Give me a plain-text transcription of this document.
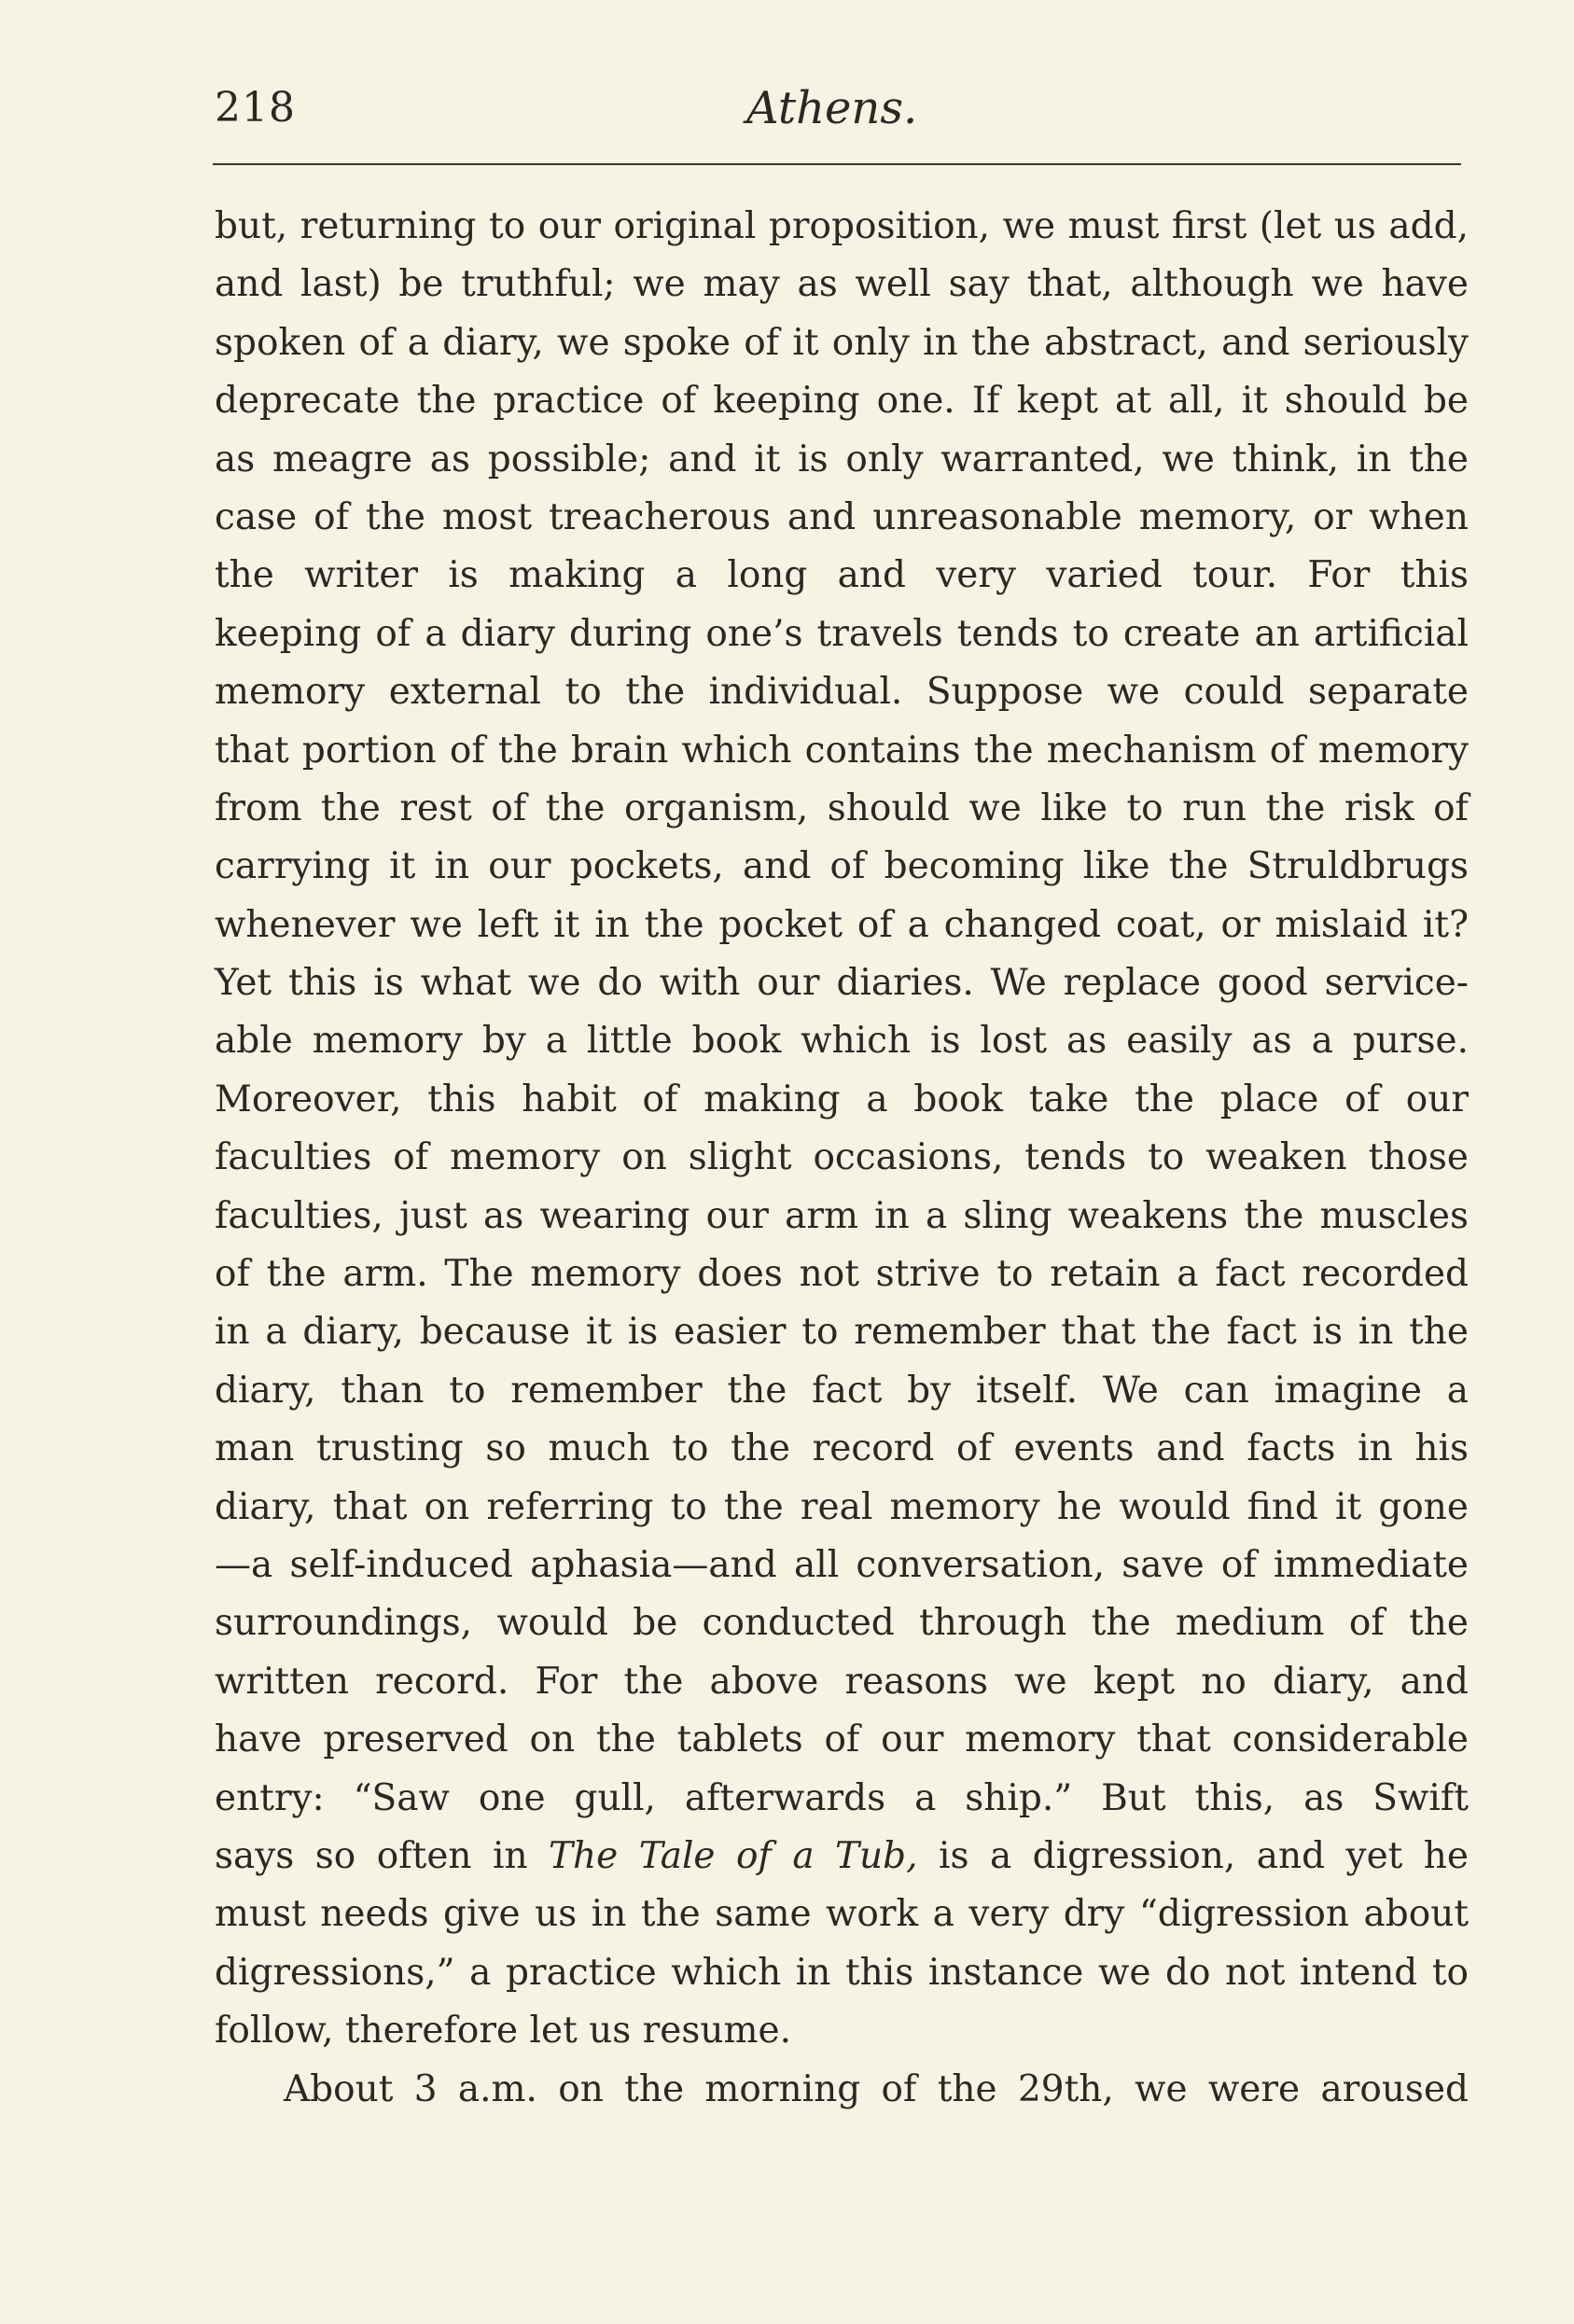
218	Athens.
but, returning to our original proposition, we must first (let us add,
and last) be truthful; we may as well say that, although we have
spoken of a diary, we spoke of it only in the abstract, and seriously
deprecate the practice of keeping one. If kept at all, it should be
as meagre as possible; and it is only warranted, we think, in the
case of the most treacherous and unreasonable memory, or when
the writer is making a long and very varied tour. For this
keeping of a diary during one’s travels tends to create an artificial
memory external to the individual. Suppose we could separate
that portion of the brain which contains the mechanism of memory
from the rest of the organism, should we like to run the risk of
carrying it in our pockets, and of becoming like the Struldbrugs
whenever we left it in the pocket of a changed coat, or mislaid it?
Yet this is what we do with our diaries. We replace good service-
able memory by a little book which is lost as easily as a purse.
Moreover, this habit of making a book take the place of our
faculties of memory on slight occasions, tends to weaken those
faculties, just as wearing our arm in a sling weakens the muscles
of the arm. The memory does not strive to retain a fact recorded
in a diary, because it is easier to remember that the fact is in the
diary, than to remember the fact by itself. We can imagine a
man trusting so much to the record of events and facts in his
diary, that on referring to the real memory he would find it gone
—a self-induced aphasia—and all conversation, save of immediate
surroundings, would be conducted through the medium of the
written record. For the above reasons we kept no diary, and
have preserved on the tablets of our memory that considerable
entry: “Saw one gull, afterwards a ship.” But this, as Swift
says so often in The Tale of a Tub, is a digression, and yet he
must needs give us in the same work a very dry “digression about
digressions,” a practice which in this instance we do not intend to
follow, therefore let us resume.
About 3 a.m. on the morning of the 29th, we were aroused
